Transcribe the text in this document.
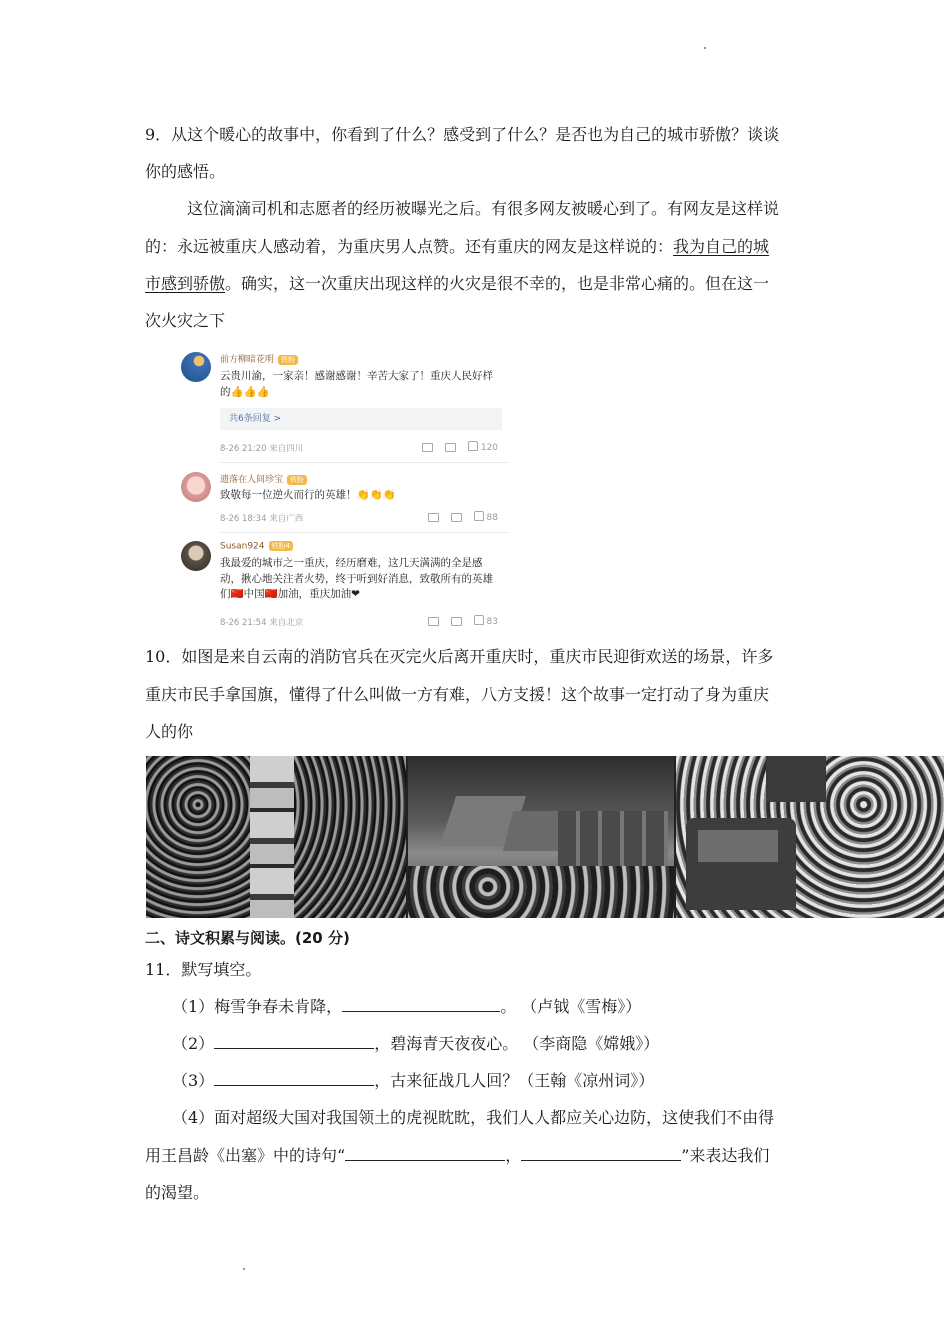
9．从这个暖心的故事中，你看到了什么？感受到了什么？是否也为自己的城市骄傲？谈谈
你的感悟。
这位滴滴司机和志愿者的经历被曝光之后。有很多网友被暖心到了。有网友是这样说
的：永远被重庆人感动着，为重庆男人点赞。还有重庆的网友是这样说的：我为自己的城
市感到骄傲。确实，这一次重庆出现这样的火灾是很不幸的，也是非常心痛的。但在这一
次火灾之下
前方柳暗花明 铁粉
云贵川渝，一家亲！感谢感谢！辛苦大家了！重庆人民好样的👍👍👍
共6条回复 >
8-26 21:20 来自四川	120
遗落在人间珍宝 铁粉
致敬每一位逆火而行的英雄！👏👏👏
8-26 18:34 来自广西	88
Susan924 铁粉4
我最爱的城市之一重庆，经历磨难，这几天满满的全是感动，揪心地关注者火势，终于听到好消息，致敬所有的英雄们🇨🇳中国🇨🇳加油，重庆加油❤
8-26 21:54 来自北京	83
10．如图是来自云南的消防官兵在灭完火后离开重庆时，重庆市民迎街欢送的场景，许多
重庆市民手拿国旗，懂得了什么叫做一方有难，八方支援！这个故事一定打动了身为重庆
人的你
二、诗文积累与阅读。(20 分)
11．默写填空。
（1）梅雪争春未肯降，	。 （卢钺《雪梅》）
（2）	，碧海青天夜夜心。 （李商隐《嫦娥》）
（3）	，古来征战几人回？（王翰《凉州词》）
（4）面对超级大国对我国领土的虎视眈眈，我们人人都应关心边防，这使我们不由得
用王昌龄《出塞》中的诗句“	，	”来表达我们
的渴望。
